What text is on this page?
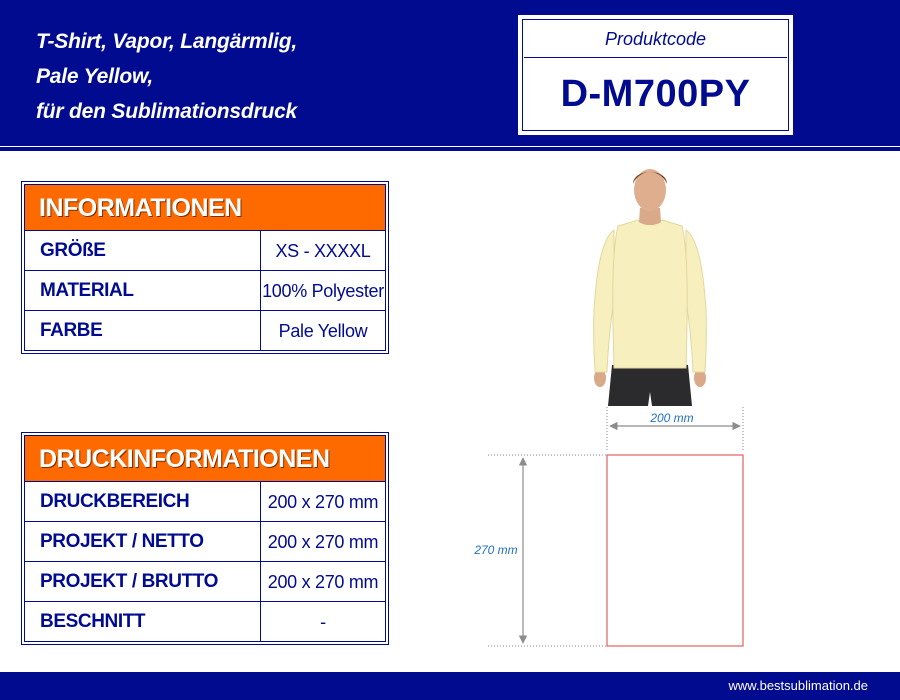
T-Shirt, Vapor, Langärmlig,
Pale Yellow,
für den Sublimationsdruck
Produktcode
D-M700PY
INFORMATIONEN
GRÖßE	XS - XXXXL
MATERIAL	100% Polyester
FARBE	Pale Yellow
DRUCKINFORMATIONEN
DRUCKBEREICH	200 x 270 mm
PROJEKT / NETTO	200 x 270 mm
PROJEKT / BRUTTO	200 x 270 mm
BESCHNITT	-
200 mm
270 mm
www.bestsublimation.de
